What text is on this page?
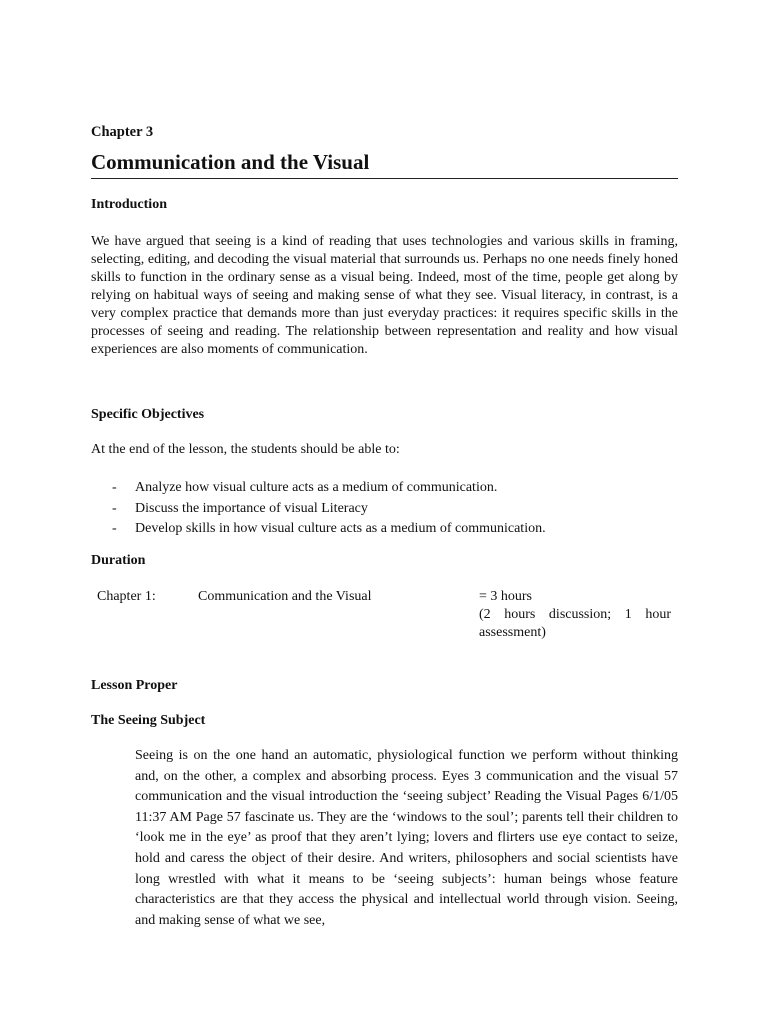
Chapter 3
Communication and the Visual
Introduction
We have argued that seeing is a kind of reading that uses technologies and various skills in framing, selecting, editing, and decoding the visual material that surrounds us. Perhaps no one needs finely honed skills to function in the ordinary sense as a visual being. Indeed, most of the time, people get along by relying on habitual ways of seeing and making sense of what they see. Visual literacy, in contrast, is a very complex practice that demands more than just everyday practices: it requires specific skills in the processes of seeing and reading. The relationship between representation and reality and how visual experiences are also moments of communication.
Specific Objectives
At the end of the lesson, the students should be able to:
- Analyze how visual culture acts as a medium of communication.
- Discuss the importance of visual Literacy
- Develop skills in how visual culture acts as a medium of communication.
Duration
Chapter 1:	Communication and the Visual	= 3 hours
(2 hours discussion; 1 hour assessment)
Lesson Proper
The Seeing Subject
Seeing is on the one hand an automatic, physiological function we perform without thinking and, on the other, a complex and absorbing process. Eyes 3 communication and the visual 57 communication and the visual introduction the ‘seeing subject’ Reading the Visual Pages 6/1/05 11:37 AM Page 57 fascinate us. They are the ‘windows to the soul’; parents tell their children to ‘look me in the eye’ as proof that they aren’t lying; lovers and flirters use eye contact to seize, hold and caress the object of their desire. And writers, philosophers and social scientists have long wrestled with what it means to be ‘seeing subjects’: human beings whose feature characteristics are that they access the physical and intellectual world through vision. Seeing, and making sense of what we see,
